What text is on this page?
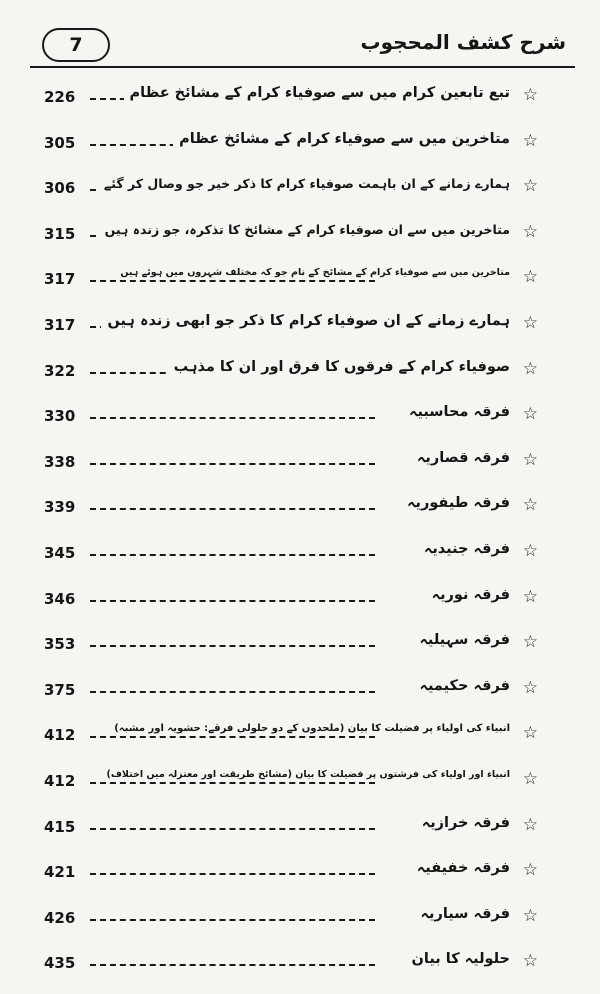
7	شرح کشف المحجوب
226	تبع تابعین کرام میں سے صوفیاء کرام کے مشائخ عظام ☆
305	متاخرین میں سے صوفیاء کرام کے مشائخ عظام ☆
306	ہمارے زمانے کے ان باہمت صوفیاء کرام کا ذکر خیر جو وصال کر گئے ☆
315	متاخرین میں سے ان صوفیاء کرام کے مشائخ کا تذکرہ، جو زندہ ہیں ☆
317	متاخرین میں سے صوفیاء کرام کے مشائخ کے نام جو کہ مختلف شہروں میں ہوئے ہیں ☆
317	ہمارے زمانے کے ان صوفیاء کرام کا ذکر جو ابھی زندہ ہیں ☆
322	صوفیاء کرام کے فرقوں کا فرق اور ان کا مذہب ☆
330	فرقہ محاسبیہ ☆
338	فرقہ قصاریہ ☆
339	فرقہ طیفوریہ ☆
345	فرقہ جنیدیہ ☆
346	فرقہ نوریہ ☆
353	فرقہ سہیلیہ ☆
375	فرقہ حکیمیہ ☆
412	انبیاء کی اولیاء پر فضیلت کا بیان (ملحدوں کے دو حلولی فرقے: حشویہ اور مشبہ) ☆
412	انبیاء اور اولیاء کی فرشتوں پر فضیلت کا بیان (مشائخ طریقت اور معتزلہ میں اختلاف) ☆
415	فرقہ خرازیہ ☆
421	فرقہ خفیفیہ ☆
426	فرقہ سیاریہ ☆
435	حلولیہ کا بیان ☆
